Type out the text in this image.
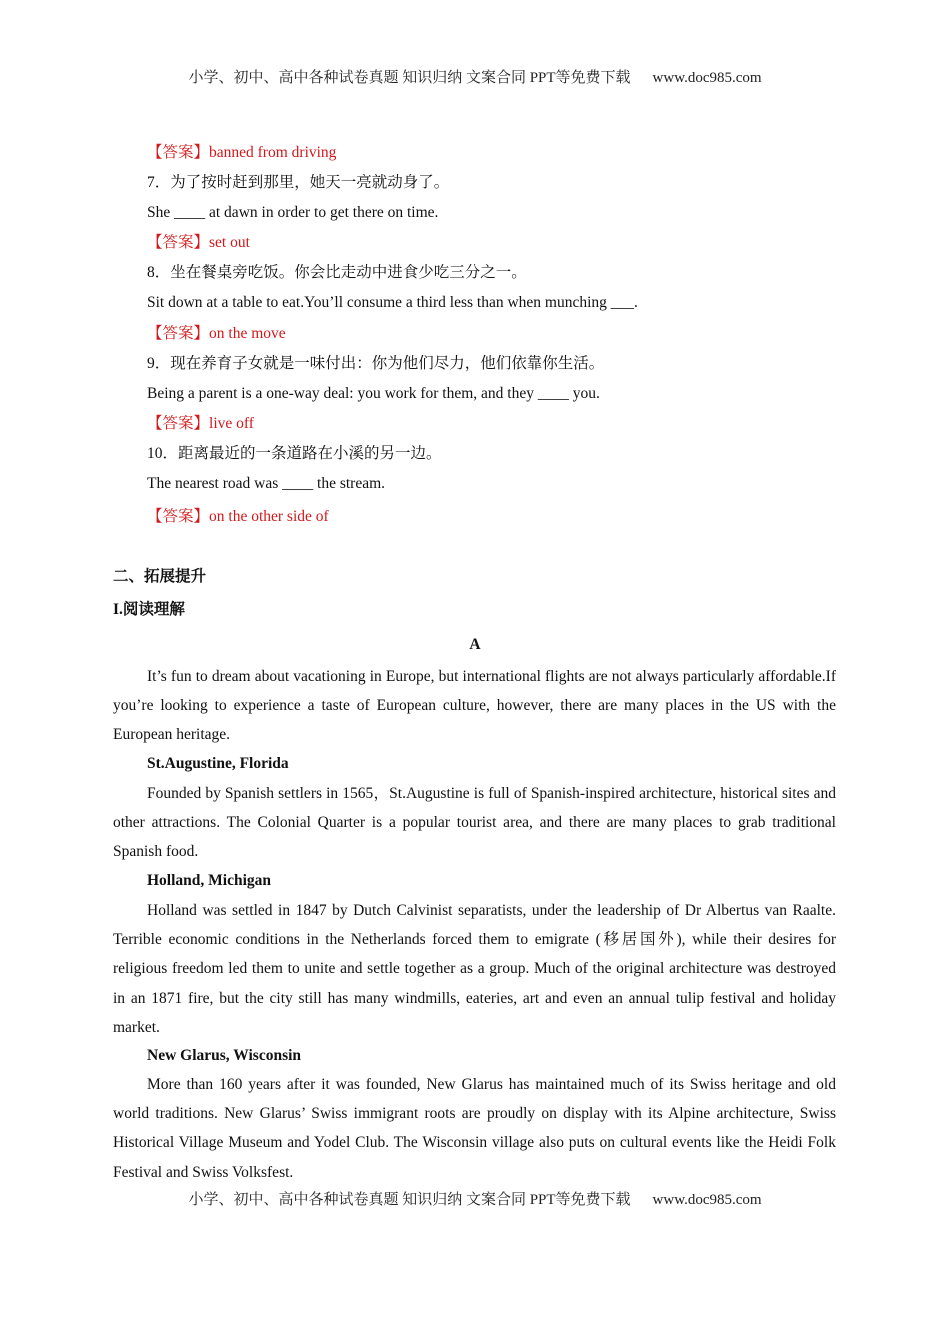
小学、初中、高中各种试卷真题 知识归纳 文案合同 PPT等免费下载 www.doc985.com
【答案】banned from driving
7．为了按时赶到那里，她天一亮就动身了。
She ____ at dawn in order to get there on time.
【答案】set out
8．坐在餐桌旁吃饭。你会比走动中进食少吃三分之一。
Sit down at a table to eat.You’ll consume a third less than when munching ___.
【答案】on the move
9．现在养育子女就是一味付出：你为他们尽力，他们依靠你生活。
Being a parent is a one-way deal: you work for them, and they ____ you.
【答案】live off
10．距离最近的一条道路在小溪的另一边。
The nearest road was ____ the stream.
【答案】on the other side of
二、拓展提升
I.阅读理解
A
It’s fun to dream about vacationing in Europe, but international flights are not always particularly affordable.If you’re looking to experience a taste of European culture, however, there are many places in the US with the European heritage.
St.Augustine, Florida
Founded by Spanish settlers in 1565，St.Augustine is full of Spanish-inspired architecture, historical sites and other attractions. The Colonial Quarter is a popular tourist area, and there are many places to grab traditional Spanish food.
Holland, Michigan
Holland was settled in 1847 by Dutch Calvinist separatists, under the leadership of Dr Albertus van Raalte. Terrible economic conditions in the Netherlands forced them to emigrate (移居国外), while their desires for religious freedom led them to unite and settle together as a group. Much of the original architecture was destroyed in an 1871 fire, but the city still has many windmills, eateries, art and even an annual tulip festival and holiday market.
New Glarus, Wisconsin
More than 160 years after it was founded, New Glarus has maintained much of its Swiss heritage and old world traditions. New Glarus’ Swiss immigrant roots are proudly on display with its Alpine architecture, Swiss Historical Village Museum and Yodel Club. The Wisconsin village also puts on cultural events like the Heidi Folk Festival and Swiss Volksfest.
小学、初中、高中各种试卷真题 知识归纳 文案合同 PPT等免费下载 www.doc985.com
